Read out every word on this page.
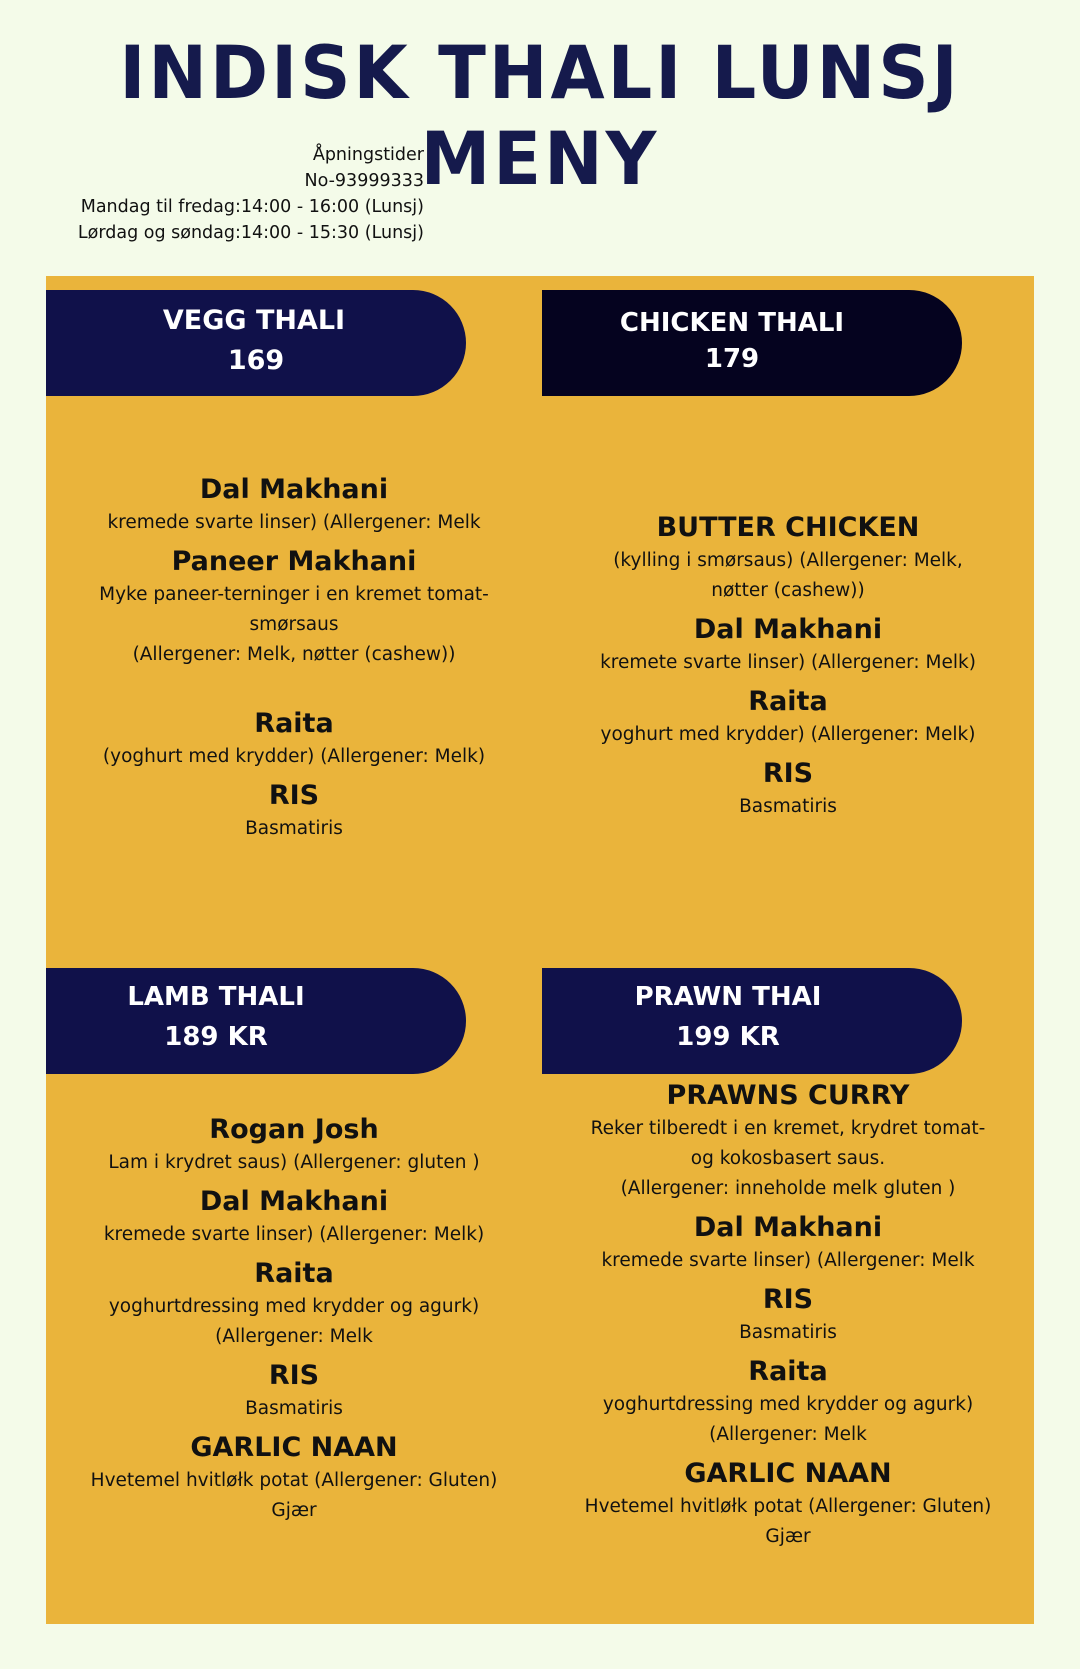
INDISK THALI LUNSJ MENY
Åpningstider
No-93999333
Mandag til fredag:14:00 - 16:00 (Lunsj)
Lørdag og søndag:14:00 - 15:30 (Lunsj)
VEGG THALI
169
CHICKEN THALI
179
LAMB THALI
189 KR
PRAWN THAI
199 KR

Dal Makhani

kremede svarte linser) (Allergener: Melk

Paneer Makhani

Myke paneer-terninger i en kremet tomat-

smørsaus

(Allergener: Melk, nøtter (cashew))

Raita

(yoghurt med krydder) (Allergener: Melk)

RIS

Basmatiris

BUTTER CHICKEN

(kylling i smørsaus) (Allergener: Melk,

nøtter (cashew))

Dal Makhani

kremete svarte linser) (Allergener: Melk)

Raita

yoghurt med krydder) (Allergener: Melk)

RIS

Basmatiris

Rogan Josh

Lam i krydret saus) (Allergener: gluten )

Dal Makhani

kremede svarte linser) (Allergener: Melk)

Raita

yoghurtdressing med krydder og agurk)

(Allergener: Melk

RIS

Basmatiris

GARLIC NAAN

Hvetemel hvitløłk potat (Allergener: Gluten)

Gjær

PRAWNS CURRY

Reker tilberedt i en kremet, krydret tomat-

og kokosbasert saus.

(Allergener: inneholde melk gluten )

Dal Makhani

kremede svarte linser) (Allergener: Melk

RIS

Basmatiris

Raita

yoghurtdressing med krydder og agurk)

(Allergener: Melk

GARLIC NAAN

Hvetemel hvitløłk potat (Allergener: Gluten)

Gjær
